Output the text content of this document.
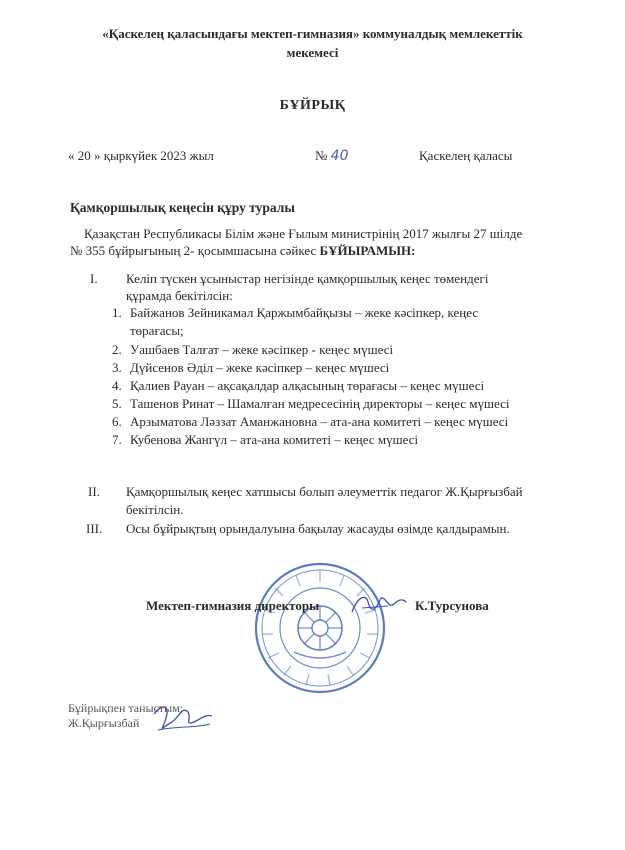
«Қаскелең қаласындағы мектеп-гимназия» коммуналдық мемлекеттік
мекемесі
БҰЙРЫҚ
« 20 » қыркүйек 2023 жыл	№ 40	Қаскелең қаласы
Қамқоршылық кеңесін құру туралы
Қазақстан Республикасы Білім және Ғылым министрінің 2017 жылғы 27 шілде
№ 355 бұйрығының 2- қосымшасына сәйкес БҰЙЫРАМЫН:
I. Келіп түскен ұсыныстар негізінде қамқоршылық кеңес төмендегі
құрамда бекітілсін:
1. Байжанов Зейникамал Қаржымбайқызы – жеке кәсіпкер, кеңес
төрағасы;
2. Уашбаев Талғат – жеке кәсіпкер - кеңес мүшесі
3. Дүйсенов Әділ – жеке кәсіпкер – кеңес мүшесі
4. Қалиев Рауан – ақсақалдар алқасының төрағасы – кеңес мүшесі
5. Ташенов Ринат – Шамалған медресесінің директоры – кеңес мүшесі
6. Арзыматова Ләззат Аманжановна – ата-ана комитеті – кеңес мүшесі
7. Кубенова Жангүл – ата-ана комитеті – кеңес мүшесі
II. Қамқоршылық кеңес хатшысы болып әлеуметтік педагог Ж.Қырғызбай
бекітілсін.
III. Осы бұйрықтың орындалуына бақылау жасауды өзімде қалдырамын.
Мектеп-гимназия директоры	К.Турсунова
Бұйрықпен таныстым:
Ж.Қырғызбай
